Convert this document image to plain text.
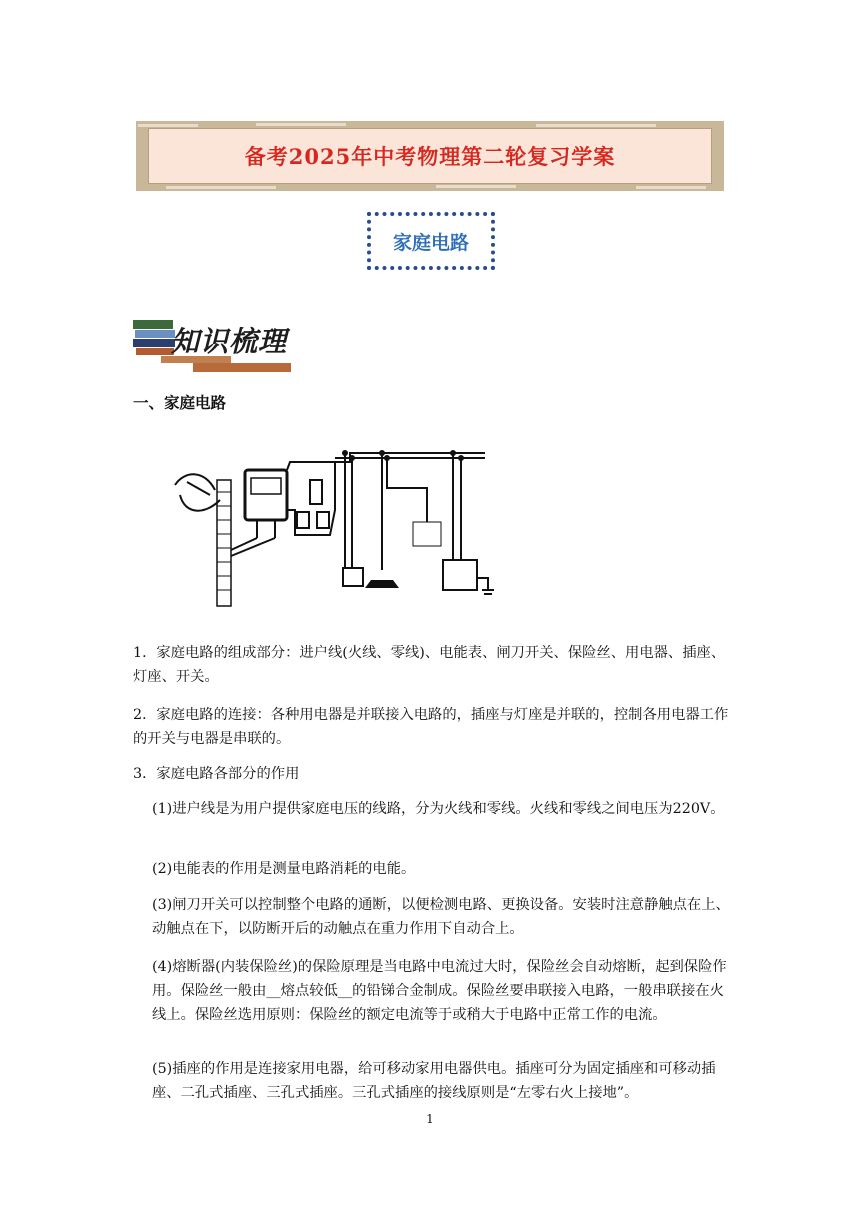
备考2025年中考物理第二轮复习学案
家庭电路
知识梳理
一、家庭电路

1．家庭电路的组成部分：进户线(火线、零线)、电能表、闸刀开关、保险丝、用电器、插座、灯座、开关。

2．家庭电路的连接：各种用电器是并联接入电路的，插座与灯座是并联的，控制各用电器工作的开关与电器是串联的。

3．家庭电路各部分的作用

(1)进户线是为用户提供家庭电压的线路，分为火线和零线。火线和零线之间电压为220V。

(2)电能表的作用是测量电路消耗的电能。

(3)闸刀开关可以控制整个电路的通断，以便检测电路、更换设备。安装时注意静触点在上、动触点在下，以防断开后的动触点在重力作用下自动合上。

(4)熔断器(内装保险丝)的保险原理是当电路中电流过大时，保险丝会自动熔断，起到保险作用。保险丝一般由__熔点较低__的铅锑合金制成。保险丝要串联接入电路，一般串联接在火线上。保险丝选用原则：保险丝的额定电流等于或稍大于电路中正常工作的电流。

(5)插座的作用是连接家用电器，给可移动家用电器供电。插座可分为固定插座和可移动插座、二孔式插座、三孔式插座。三孔式插座的接线原则是“左零右火上接地”。

1
